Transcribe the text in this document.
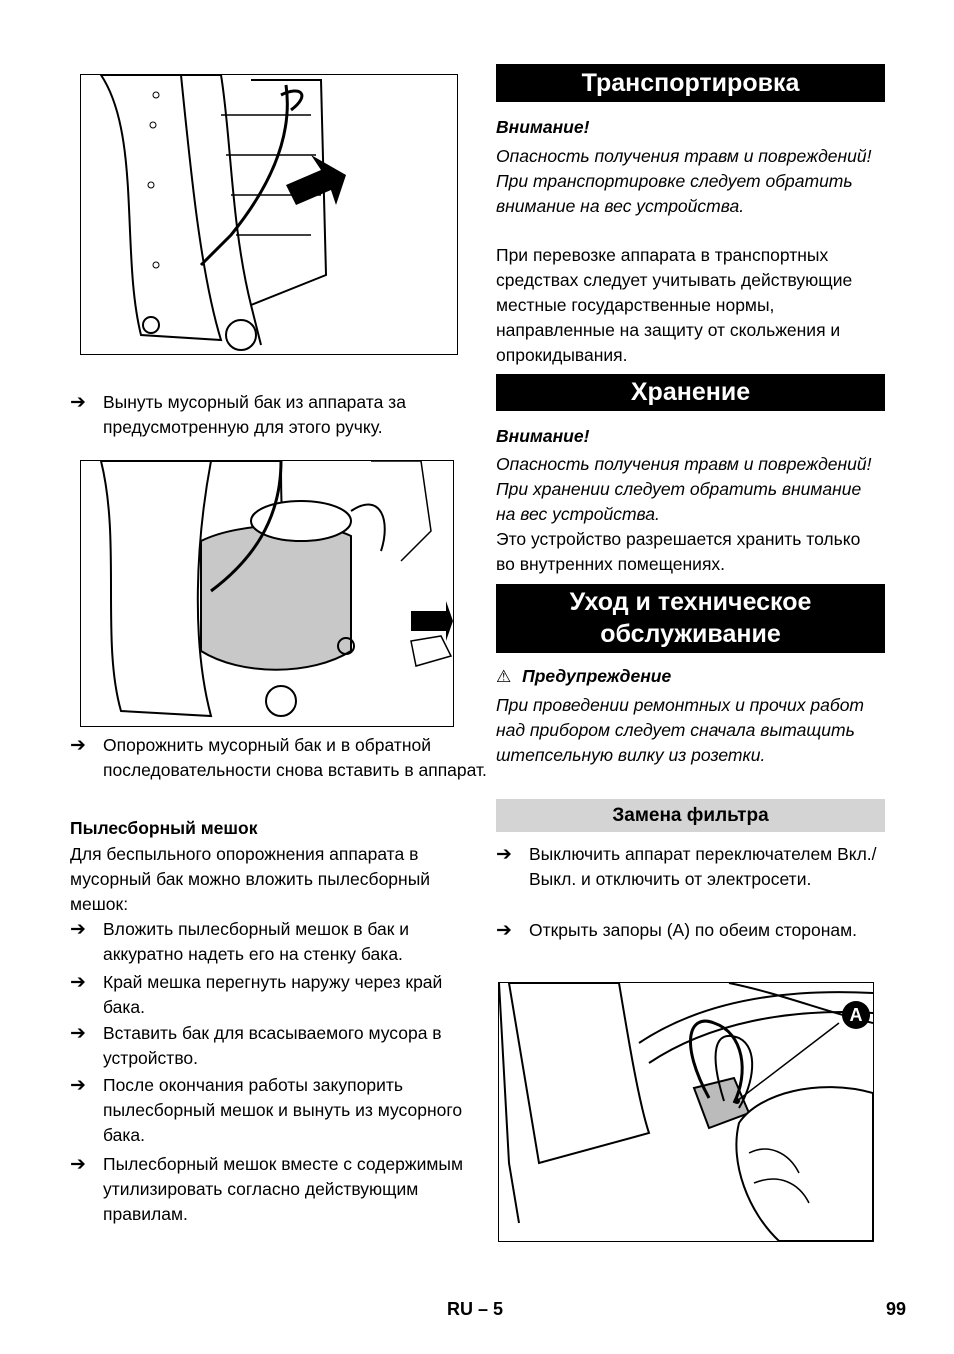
➔ Вынуть мусорный бак из аппарата за предусмотренную для этого ручку.
➔ Опорожнить мусорный бак и в обратной последовательности снова вставить в аппарат.
Пылесборный мешок
Для беспыльного опорожнения аппарата в мусорный бак можно вложить пылесборный мешок:
➔ Вложить пылесборный мешок в бак и аккуратно надеть его на стенку бака.
➔ Край мешка перегнуть наружу через край бака.
➔ Вставить бак для всасываемого мусора в устройство.
➔ После окончания работы закупорить пылесборный мешок и вынуть из мусорного бака.
➔ Пылесборный мешок вместе с содержимым утилизировать согласно действующим правилам.
Транспортировка
Внимание!
Опасность получения травм и повреждений! При транспортировке следует обратить внимание на вес устройства.
При перевозке аппарата в транспортных средствах следует учитывать действующие местные государственные нормы, направленные на защиту от скольжения и опрокидывания.
Хранение
Внимание!
Опасность получения травм и повреждений! При хранении следует обратить внимание на вес устройства.
Это устройство разрешается хранить только во внутренних помещениях.
Уход и техническое
обслуживание
⚠ Предупреждение
При проведении ремонтных и прочих работ над прибором следует сначала вытащить штепсельную вилку из розетки.
Замена фильтра
➔ Выключить аппарат переключателем Вкл./Выкл. и отключить от электросети.
➔ Открыть запоры (A) по обеим сторонам.
A
RU – 5	99
